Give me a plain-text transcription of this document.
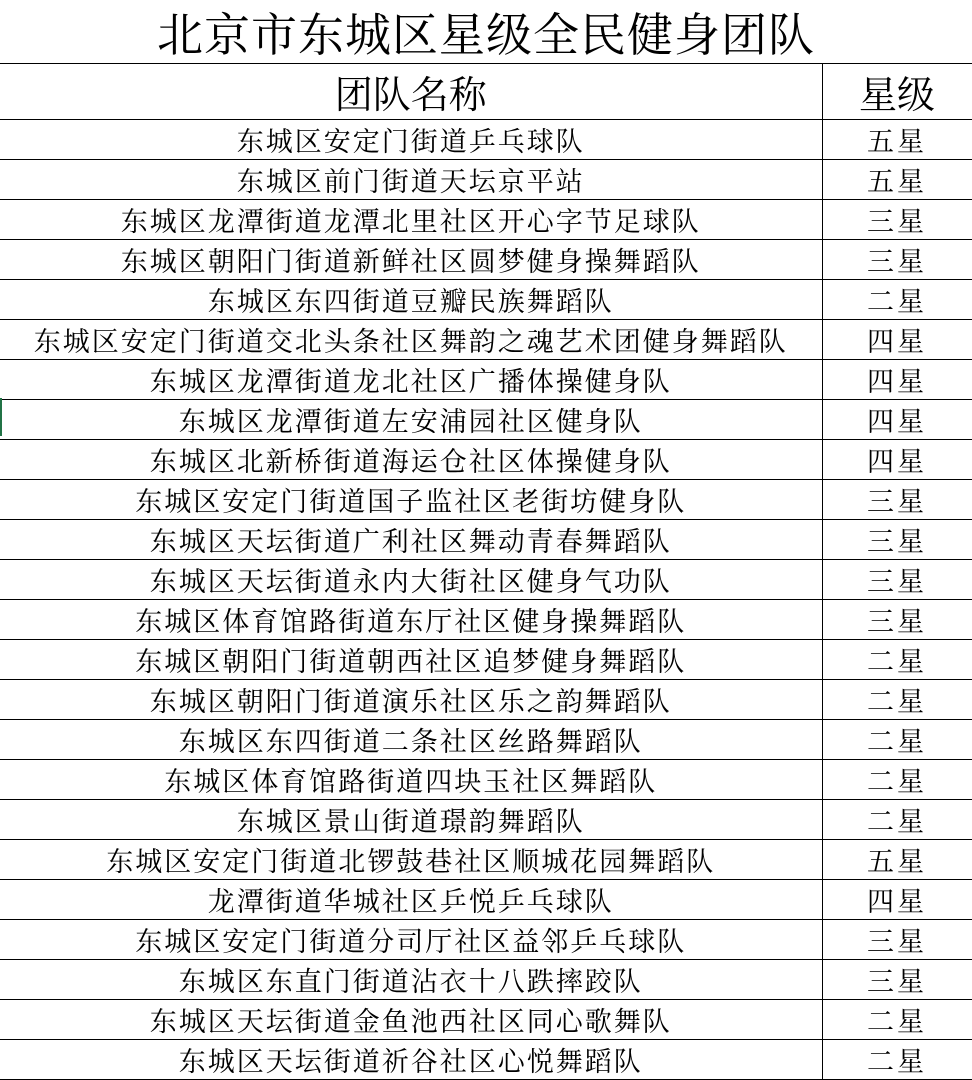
北京市东城区星级全民健身团队
团队名称	星级
东城区安定门街道乒乓球队	五星
东城区前门街道天坛京平站	五星
东城区龙潭街道龙潭北里社区开心字节足球队	三星
东城区朝阳门街道新鲜社区圆梦健身操舞蹈队	三星
东城区东四街道豆瓣民族舞蹈队	二星
东城区安定门街道交北头条社区舞韵之魂艺术团健身舞蹈队	四星
东城区龙潭街道龙北社区广播体操健身队	四星
东城区龙潭街道左安浦园社区健身队	四星
东城区北新桥街道海运仓社区体操健身队	四星
东城区安定门街道国子监社区老街坊健身队	三星
东城区天坛街道广利社区舞动青春舞蹈队	三星
东城区天坛街道永内大街社区健身气功队	三星
东城区体育馆路街道东厅社区健身操舞蹈队	三星
东城区朝阳门街道朝西社区追梦健身舞蹈队	二星
东城区朝阳门街道演乐社区乐之韵舞蹈队	二星
东城区东四街道二条社区丝路舞蹈队	二星
东城区体育馆路街道四块玉社区舞蹈队	二星
东城区景山街道璟韵舞蹈队	二星
东城区安定门街道北锣鼓巷社区顺城花园舞蹈队	五星
龙潭街道华城社区乒悦乒乓球队	四星
东城区安定门街道分司厅社区益邻乒乓球队	三星
东城区东直门街道沾衣十八跌摔跤队	三星
东城区天坛街道金鱼池西社区同心歌舞队	二星
东城区天坛街道祈谷社区心悦舞蹈队	二星
